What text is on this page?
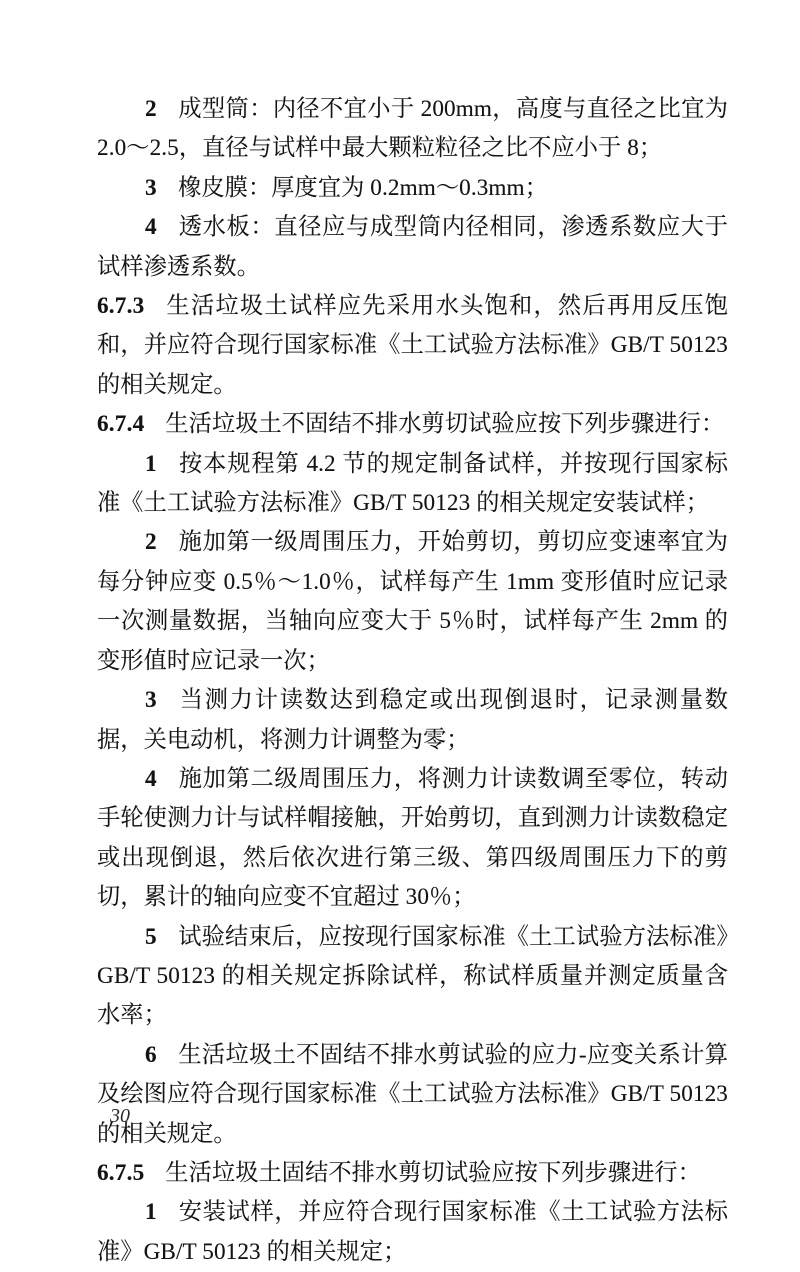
2 成型筒：内径不宜小于 200mm，高度与直径之比宜为 2.0～2.5，直径与试样中最大颗粒粒径之比不应小于 8；

3 橡皮膜：厚度宜为 0.2mm～0.3mm；

4 透水板：直径应与成型筒内径相同，渗透系数应大于试样渗透系数。

6.7.3 生活垃圾土试样应先采用水头饱和，然后再用反压饱和，并应符合现行国家标准《土工试验方法标准》GB/T 50123 的相关规定。

6.7.4 生活垃圾土不固结不排水剪切试验应按下列步骤进行：

1 按本规程第 4.2 节的规定制备试样，并按现行国家标准《土工试验方法标准》GB/T 50123 的相关规定安装试样；

2 施加第一级周围压力，开始剪切，剪切应变速率宜为每分钟应变 0.5％～1.0％，试样每产生 1mm 变形值时应记录一次测量数据，当轴向应变大于 5％时，试样每产生 2mm 的变形值时应记录一次；

3 当测力计读数达到稳定或出现倒退时，记录测量数据，关电动机，将测力计调整为零；

4 施加第二级周围压力，将测力计读数调至零位，转动手轮使测力计与试样帽接触，开始剪切，直到测力计读数稳定或出现倒退，然后依次进行第三级、第四级周围压力下的剪切，累计的轴向应变不宜超过 30％；

5 试验结束后，应按现行国家标准《土工试验方法标准》GB/T 50123 的相关规定拆除试样，称试样质量并测定质量含水率；

6 生活垃圾土不固结不排水剪试验的应力-应变关系计算及绘图应符合现行国家标准《土工试验方法标准》GB/T 50123 的相关规定。

6.7.5 生活垃圾土固结不排水剪切试验应按下列步骤进行：

1 安装试样，并应符合现行国家标准《土工试验方法标准》GB/T 50123 的相关规定；

30
